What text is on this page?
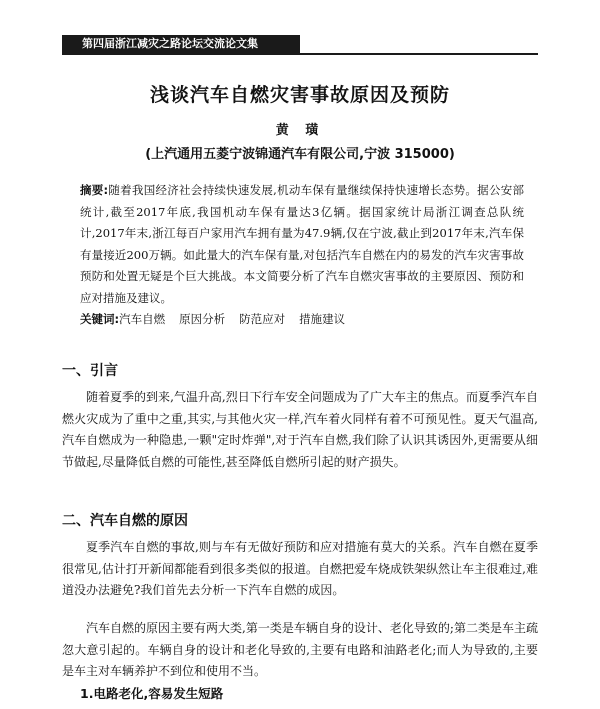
第四届浙江减灾之路论坛交流论文集
浅谈汽车自燃灾害事故原因及预防
黄 璜
(上汽通用五菱宁波锦通汽车有限公司,宁波 315000)
摘要:随着我国经济社会持续快速发展,机动车保有量继续保持快速增长态势。据公安部统计,截至2017年底,我国机动车保有量达3亿辆。据国家统计局浙江调查总队统计,2017年末,浙江每百户家用汽车拥有量为47.9辆,仅在宁波,截止到2017年末,汽车保有量接近200万辆。如此量大的汽车保有量,对包括汽车自燃在内的易发的汽车灾害事故预防和处置无疑是个巨大挑战。本文简要分析了汽车自燃灾害事故的主要原因、预防和应对措施及建议。
关键词:汽车自燃 原因分析 防范应对 措施建议
一、引言

随着夏季的到来,气温升高,烈日下行车安全问题成为了广大车主的焦点。而夏季汽车自燃火灾成为了重中之重,其实,与其他火灾一样,汽车着火同样有着不可预见性。夏天气温高,汽车自燃成为一种隐患,一颗"定时炸弹",对于汽车自燃,我们除了认识其诱因外,更需要从细节做起,尽量降低自燃的可能性,甚至降低自燃所引起的财产损失。

二、汽车自燃的原因

夏季汽车自燃的事故,则与车有无做好预防和应对措施有莫大的关系。汽车自燃在夏季很常见,估计打开新闻都能看到很多类似的报道。自燃把爱车烧成铁架纵然让车主很难过,难道没办法避免?我们首先去分析一下汽车自燃的成因。

汽车自燃的原因主要有两大类,第一类是车辆自身的设计、老化导致的;第二类是车主疏忽大意引起的。车辆自身的设计和老化导致的,主要有电路和油路老化;而人为导致的,主要是车主对车辆养护不到位和使用不当。

1.电路老化,容易发生短路
